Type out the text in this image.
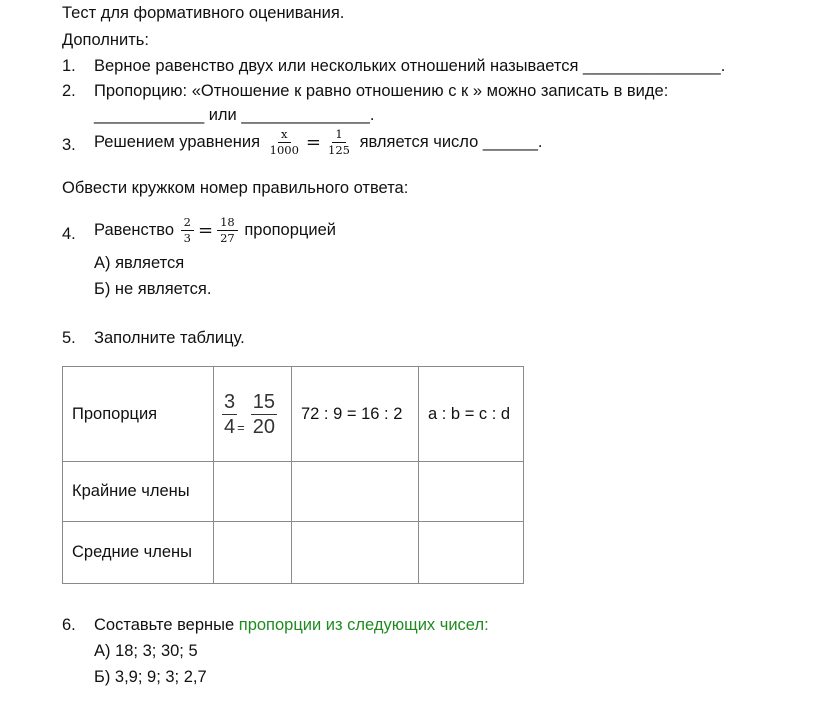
Тест для формативного оценивания.
Дополнить:
1. Верное равенство двух или нескольких отношений называется _______________.
2. Пропорцию: «Отношение к равно отношению с к » можно записать в виде:
____________ или ______________.
3. Решением уравнения $\frac{x}{1000} = \frac{1}{125}$ является число ______.
Обвести кружком номер правильного ответа:
4. Равенство $\frac{2}{3} = \frac{18}{27}$ пропорцией
А) является
Б) не является.
5. Заполните таблицу.
Пропорция	$\frac{3}{4} = \frac{15}{20}$	72 : 9 = 16 : 2	a : b = c : d
Крайние члены			
Средние члены			
6. Составьте верные пропорции из следующих чисел:
А) 18; 3; 30; 5
Б) 3,9; 9; 3; 2,7
